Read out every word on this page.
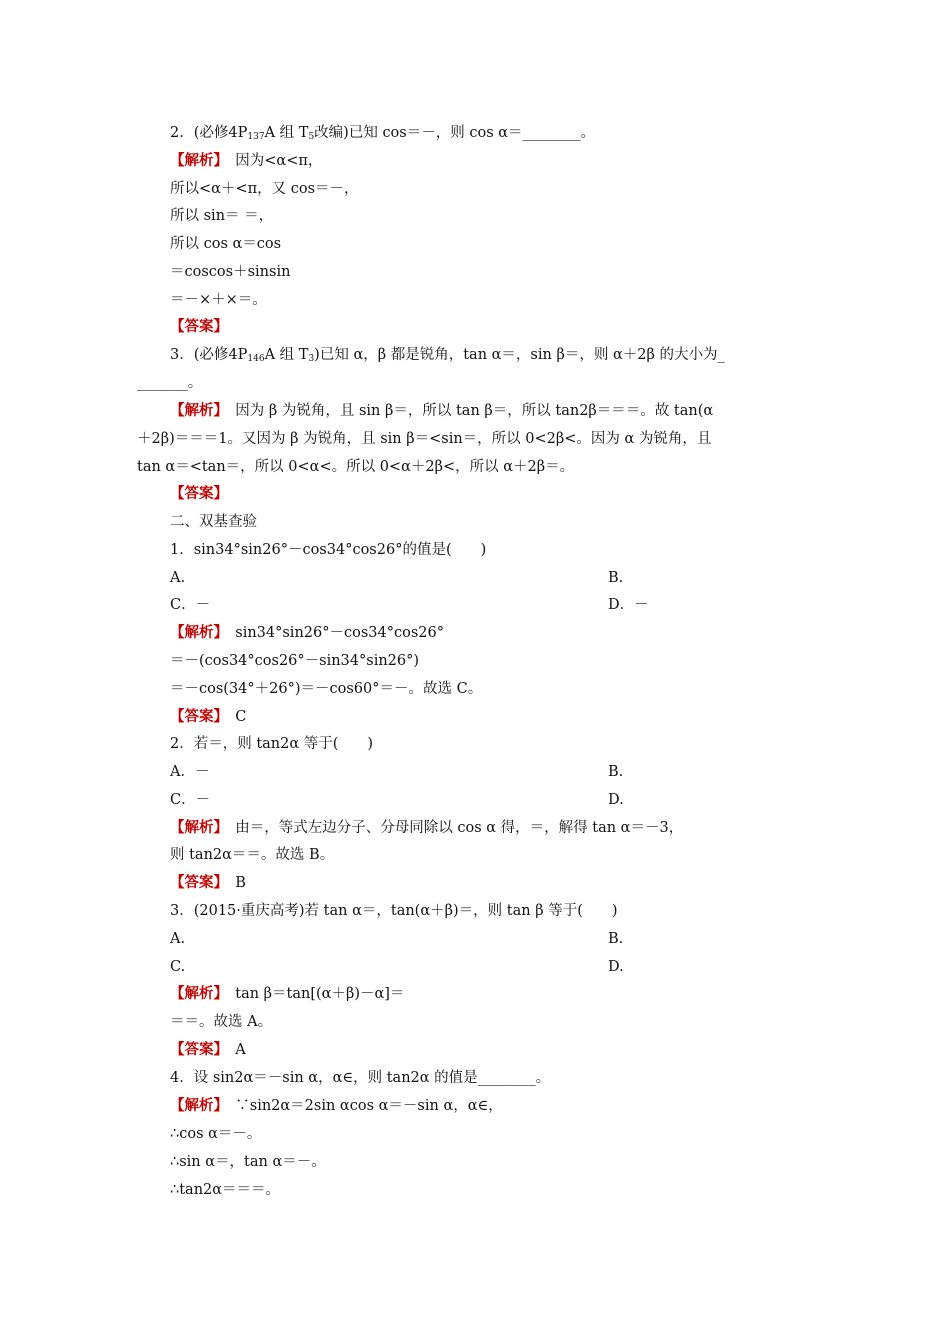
2．(必修$4P_{137}A$ 组 $T_5$改编)已知 cos＝－，则 cos α＝________。
【解析】　因为<α<π，
所以<α＋<π，又 cos＝－，
所以 sin＝ ＝，
所以 cos α＝cos
＝coscos＋sinsin
＝－×＋×＝。
【答案】
3．(必修$4P_{146}A$ 组 $T_3$)已知 α，β 都是锐角，tan α＝，sin β＝，则 α＋2β 的大小为_
_______。
【解析】　因为 β 为锐角，且 sin β＝，所以 tan β＝，所以 tan2β＝＝＝。故 tan(α
＋2β)＝＝＝1。又因为 β 为锐角，且 sin β＝<sin＝，所以 0<2β<。因为 α 为锐角，且
tan α＝<tan＝，所以 0<α<。所以 0<α＋2β<，所以 α＋2β＝。
【答案】
二、双基查验
1．sin34°sin26°－cos34°cos26°的值是(　　)
A.
C．－
【解析】　sin34°sin26°－cos34°cos26°
＝－(cos34°cos26°－sin34°sin26°)
＝－cos(34°＋26°)＝－cos60°＝－。故选 C。
【答案】　C
2．若＝，则 tan2α 等于(　　)
A．－
C．－
【解析】　由＝，等式左边分子、分母同除以 cos α 得，＝，解得 tan α＝－3，
则 tan2α＝＝。故选 B。
【答案】　B
3．(2015·重庆高考)若 tan α＝，tan(α＋β)＝，则 tan β 等于(　　)
A.
C.
【解析】　tan β＝tan[(α＋β)－α]＝
＝＝。故选 A。
【答案】　A
4．设 sin2α＝－sin α，α∈，则 tan2α 的值是________。
【解析】　∵sin2α＝2sin αcos α＝－sin α，α∈，
∴cos α＝－。
∴sin α＝，tan α＝－。
∴tan2α＝＝＝。
B.
D．－
B.
D.
B.
D.
